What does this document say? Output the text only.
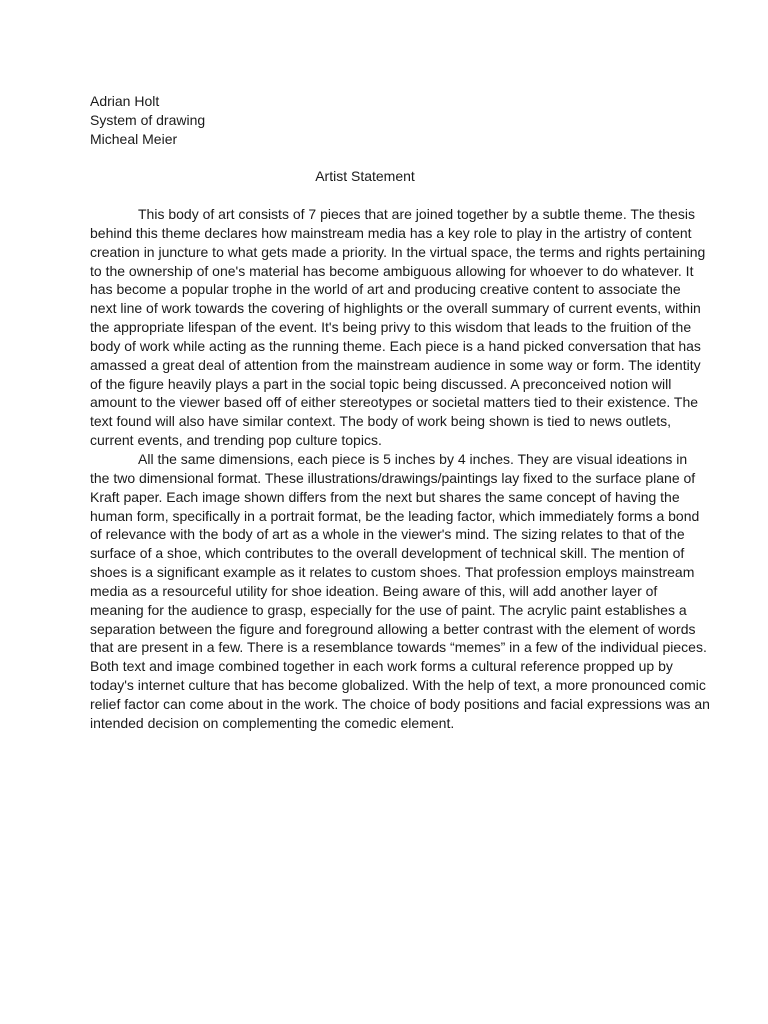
Adrian Holt
System of drawing
Micheal Meier
Artist Statement

This body of art consists of 7 pieces that are joined together by a subtle theme. The thesis behind this theme declares how mainstream media has a key role to play in the artistry of content creation in juncture to what gets made a priority. In the virtual space, the terms and rights pertaining to the ownership of one's material has become ambiguous allowing for whoever to do whatever. It has become a popular trophe in the world of art and producing creative content to associate the next line of work towards the covering of highlights or the overall summary of current events, within the appropriate lifespan of the event. It's being privy to this wisdom that leads to the fruition of the body of work while acting as the running theme. Each piece is a hand picked conversation that has amassed a great deal of attention from the mainstream audience in some way or form. The identity of the figure heavily plays a part in the social topic being discussed. A preconceived notion will amount to the viewer based off of either stereotypes or societal matters tied to their existence. The text found will also have similar context. The body of work being shown is tied to news outlets, current events, and trending pop culture topics.

All the same dimensions, each piece is 5 inches by 4 inches. They are visual ideations in the two dimensional format. These illustrations/drawings/paintings lay fixed to the surface plane of Kraft paper. Each image shown differs from the next but shares the same concept of having the human form, specifically in a portrait format, be the leading factor, which immediately forms a bond of relevance with the body of art as a whole in the viewer's mind. The sizing relates to that of the surface of a shoe, which contributes to the overall development of technical skill. The mention of shoes is a significant example as it relates to custom shoes. That profession employs mainstream media as a resourceful utility for shoe ideation. Being aware of this, will add another layer of meaning for the audience to grasp, especially for the use of paint. The acrylic paint establishes a separation between the figure and foreground allowing a better contrast with the element of words that are present in a few. There is a resemblance towards “memes” in a few of the individual pieces. Both text and image combined together in each work forms a cultural reference propped up by today's internet culture that has become globalized. With the help of text, a more pronounced comic relief factor can come about in the work. The choice of body positions and facial expressions was an intended decision on complementing the comedic element.
